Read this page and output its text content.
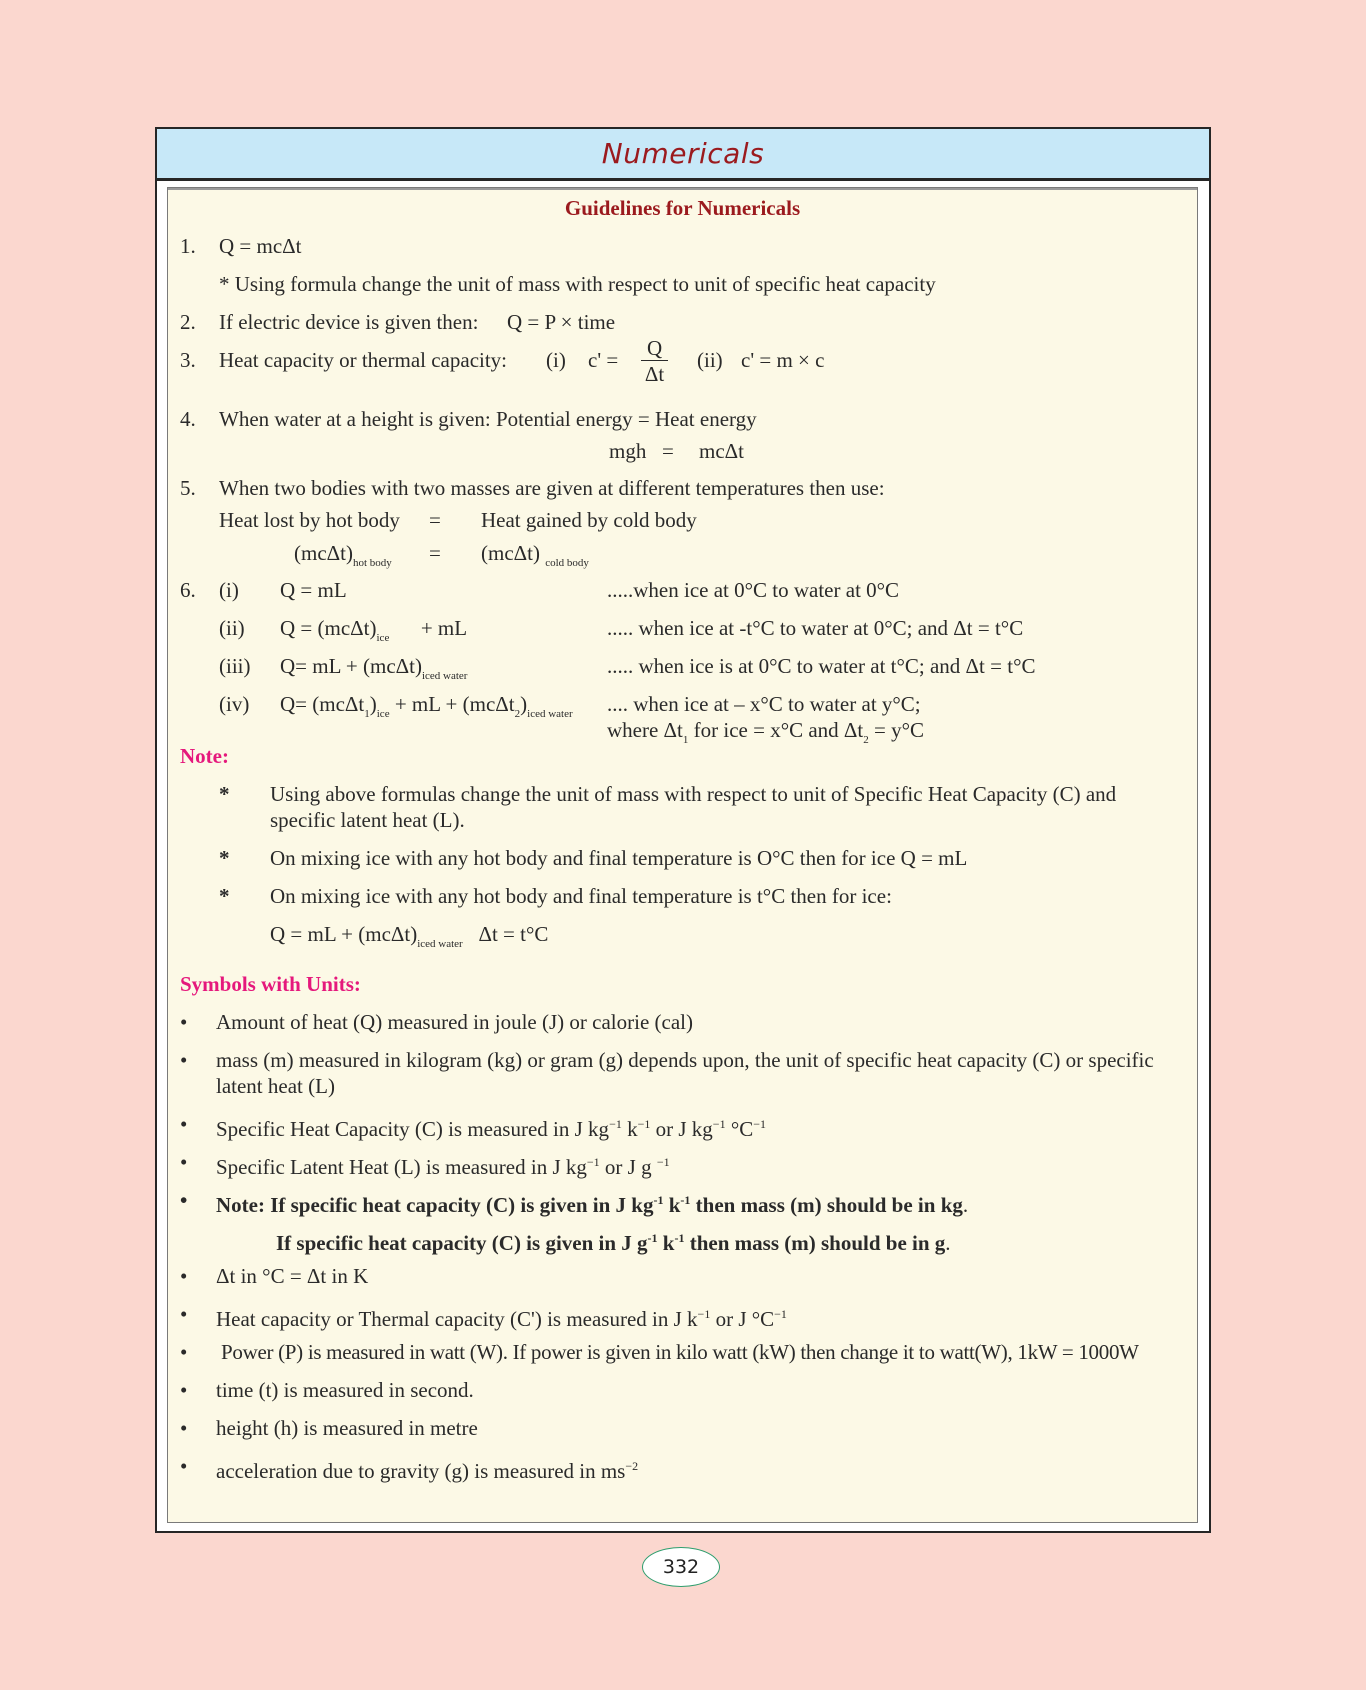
Numericals
Guidelines for Numericals
1. Q = mcΔt
* Using formula change the unit of mass with respect to unit of specific heat capacity
2. If electric device is given then: Q = P × time
3. Heat capacity or thermal capacity: (i) $c' = \frac{Q}{\Delta t} (ii) c' = m \times c$
4. When water at a height is given: Potential energy = Heat energy
mgh = mcΔt
5. When two bodies with two masses are given at different temperatures then use:
Heat lost by hot body = Heat gained by cold body
$(mc\Delta t)_{hot body} = (mc\Delta t)$ $_{cold body}$
6. (i) Q = mL	.....when ice at 0°C to water at 0°C
(ii) $Q = (mc\Delta t)_{ice}$ + mL	..... when ice at -t°C to water at 0°C; and Δt = t°C
(iii) Q= mL + $(mc\Delta t)_{iced water}$	..... when ice is at 0°C to water at t°C; and Δt = t°C
(iv) $Q= (mc\Delta t_1)_{ice}$ + mL + $(mc\Delta t_2)_{iced water}$ .... when ice at – x°C to water at y°C;
where $\Delta t_1$ for ice = x°C and $\Delta t_2 = y^\circ C$
Note:
* Using above formulas change the unit of mass with respect to unit of Specific Heat Capacity (C) and
specific latent heat (L).
* On mixing ice with any hot body and final temperature is O°C then for ice Q = mL
* On mixing ice with any hot body and final temperature is t°C then for ice:
Q = mL + $(mc\Delta t)_{iced water}$ Δt = t°C
Symbols with Units:
• Amount of heat (Q) measured in joule (J) or calorie (cal)
• mass (m) measured in kilogram (kg) or gram (g) depends upon, the unit of specific heat capacity (C) or specific
latent heat (L)
• Specific Heat Capacity (C) is measured in J $kg^{-1}$ $k^{-1}$ or J $kg^{-1}$ $^\circ C^{-1}$
• Specific Latent Heat (L) is measured in J $kg^{-1}$ or J g $^{-1}$
• Note: If specific heat capacity (C) is given in J $kg^{-1}$ $k^{-1}$ then mass (m) should be in kg.
If specific heat capacity (C) is given in J $g^{-1}$ $k^{-1}$ then mass (m) should be in g.
• Δt in °C = Δt in K
• Heat capacity or Thermal capacity (C') is measured in J $k^{-1}$ or J $^\circ C^{-1}$
• Power (P) is measured in watt (W). If power is given in kilo watt (kW) then change it to watt(W), 1kW = 1000W
• time (t) is measured in second.
• height (h) is measured in metre
• acceleration due to gravity (g) is measured in $ms^{-2}$
332
